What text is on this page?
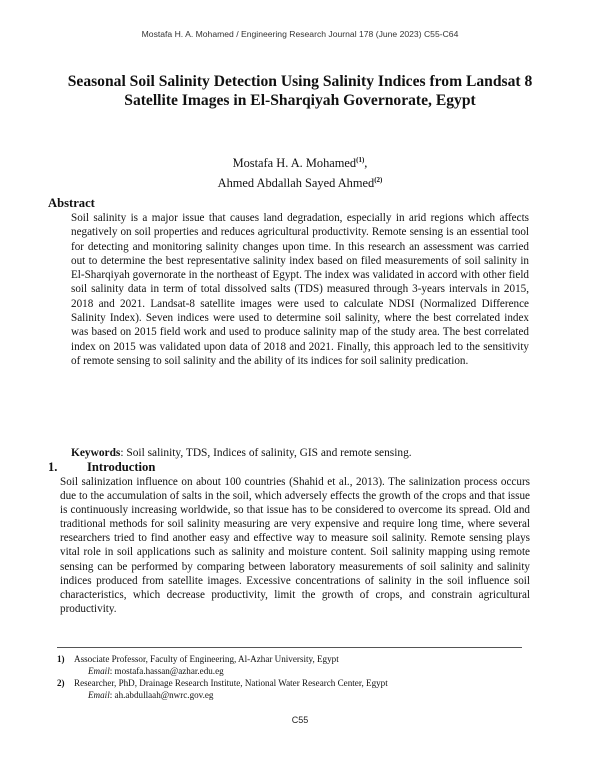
Mostafa H. A. Mohamed / Engineering Research Journal 178 (June 2023) C55-C64
Seasonal Soil Salinity Detection Using Salinity Indices from Landsat 8 Satellite Images in El-Sharqiyah Governorate, Egypt
Mostafa H. A. Mohamed$^{(1)}$,
Ahmed Abdallah Sayed Ahmed$^{(2)}$
Abstract

Soil salinity is a major issue that causes land degradation, especially in arid regions which affects negatively on soil properties and reduces agricultural productivity. Remote sensing is an essential tool for detecting and monitoring salinity changes upon time. In this research an assessment was carried out to determine the best representative salinity index based on filed measurements of soil salinity in El-Sharqiyah governorate in the northeast of Egypt. The index was validated in accord with other field soil salinity data in term of total dissolved salts (TDS) measured through 3-years intervals in 2015, 2018 and 2021. Landsat-8 satellite images were used to calculate NDSI (Normalized Difference Salinity Index). Seven indices were used to determine soil salinity, where the best correlated index was based on 2015 field work and used to produce salinity map of the study area. The best correlated index on 2015 was validated upon data of 2018 and 2021. Finally, this approach led to the sensitivity of remote sensing to soil salinity and the ability of its indices for soil salinity predication.

Keywords: Soil salinity, TDS, Indices of salinity, GIS and remote sensing.

1. Introduction

Soil salinization influence on about 100 countries (Shahid et al., 2013). The salinization process occurs due to the accumulation of salts in the soil, which adversely effects the growth of the crops and that issue is continuously increasing worldwide, so that issue has to be considered to overcome its spread. Old and traditional methods for soil salinity measuring are very expensive and require long time, where several researchers tried to find another easy and effective way to measure soil salinity. Remote sensing plays vital role in soil applications such as salinity and moisture content. Soil salinity mapping using remote sensing can be performed by comparing between laboratory measurements of soil salinity and salinity indices produced from satellite images. Excessive concentrations of salinity in the soil influence soil characteristics, which decrease productivity, limit the growth of crops, and constrain agricultural productivity.

1) Associate Professor, Faculty of Engineering, Al-Azhar University, Egypt
Email: mostafa.hassan@azhar.edu.eg
2) Researcher, PhD, Drainage Research Institute, National Water Research Center, Egypt
Email: ah.abdullaah@nwrc.gov.eg
C55
